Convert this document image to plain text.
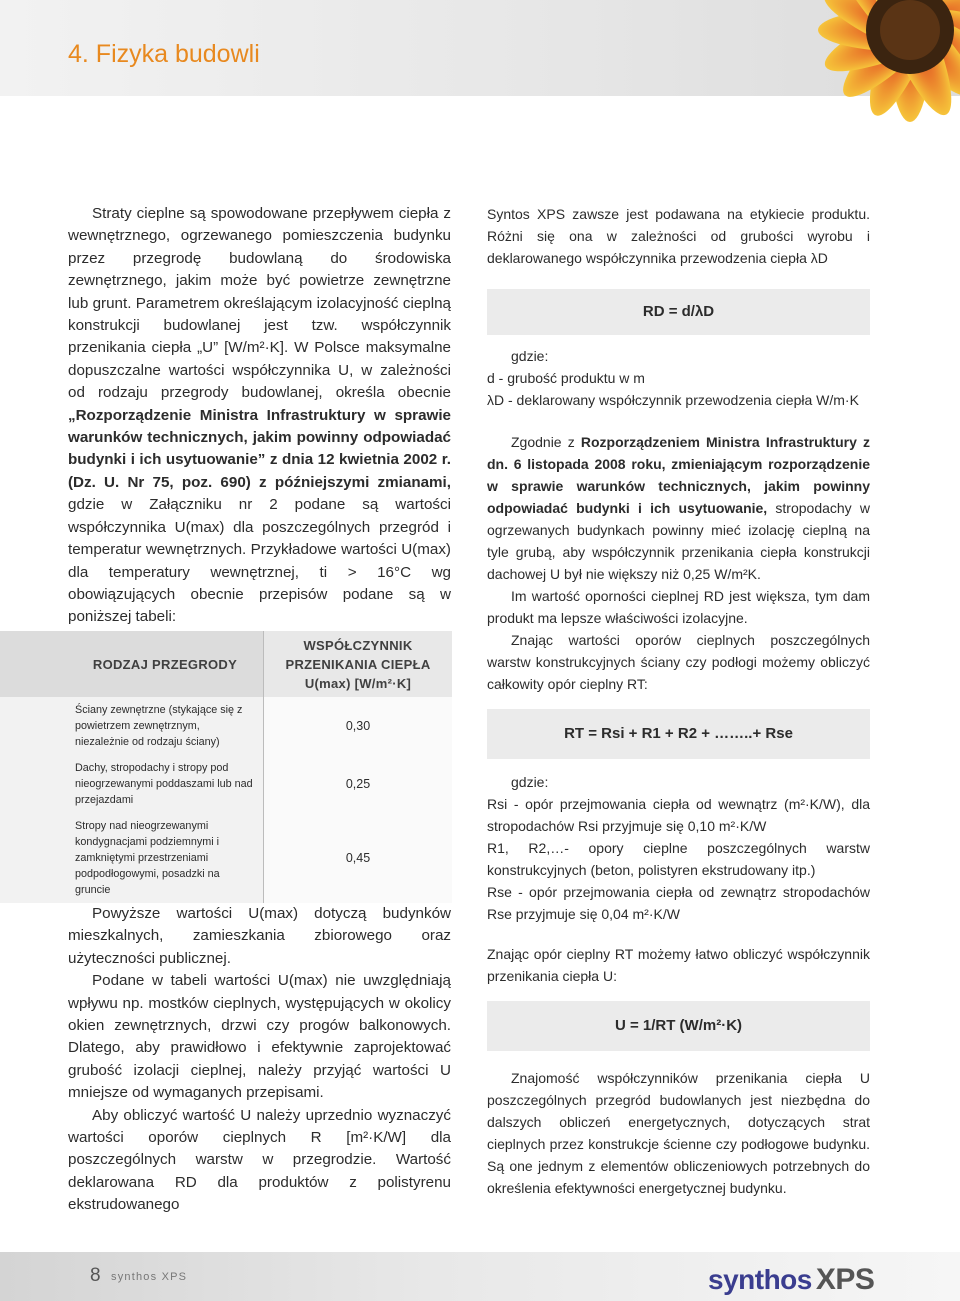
4. Fizyka budowli

Straty cieplne są spowodowane przepływem ciepła z wewnętrznego, ogrzewanego pomieszczenia budynku przez przegrodę budowlaną do środowiska zewnętrznego, jakim może być powietrze zewnętrzne lub grunt. Parametrem określającym izolacyjność cieplną konstrukcji budowlanej jest tzw. współczynnik przenikania ciepła „U” [W/m²·K]. W Polsce maksymalne dopuszczalne wartości współczynnika U, w zależności od rodzaju przegrody budowlanej, określa obecnie „Rozporządzenie Ministra Infrastruktury w sprawie warunków technicznych, jakim powinny odpowiadać budynki i ich usytuowanie” z dnia 12 kwietnia 2002 r. (Dz. U. Nr 75, poz. 690) z późniejszymi zmianami, gdzie w Załączniku nr 2 podane są wartości współczynnika U(max) dla poszczególnych przegród i temperatur wewnętrznych. Przykładowe wartości U(max) dla temperatury wewnętrznej, ti > 16°C wg obowiązujących obecnie przepisów podane są w poniższej tabeli:

RODZAJ PRZEGRODY	WSPÓŁCZYNNIK
PRZENIKANIA CIEPŁA
U(max) [W/m²·K]

Ściany zewnętrzne (stykające się z powietrzem zewnętrznym, niezależnie od rodzaju ściany)	0,30
Dachy, stropodachy i stropy pod nieogrzewanymi poddaszami lub nad przejazdami	0,25
Stropy nad nieogrzewanymi kondygnacjami podziemnymi i zamkniętymi przestrzeniami podpodłogowymi, posadzki na gruncie	0,45

Powyższe wartości U(max) dotyczą budynków mieszkalnych, zamieszkania zbiorowego oraz użyteczności publicznej.

Podane w tabeli wartości U(max) nie uwzględniają wpływu np. mostków cieplnych, występujących w okolicy okien zewnętrznych, drzwi czy progów balkonowych. Dlatego, aby prawidłowo i efektywnie zaprojektować grubość izolacji cieplnej, należy przyjąć wartości U mniejsze od wymaganych przepisami.

Aby obliczyć wartość U należy uprzednio wyznaczyć wartości oporów cieplnych R [m²·K/W] dla poszczególnych warstw w przegrodzie. Wartość deklarowana RD dla produktów z polistyrenu ekstrudowanego

Syntos XPS zawsze jest podawana na etykiecie produktu. Różni się ona w zależności od grubości wyrobu i deklarowanego współczynnika przewodzenia ciepła λD

RD = d/λD

gdzie:

d - grubość produktu w m

λD - deklarowany współczynnik przewodzenia ciepła W/m·K

Zgodnie z Rozporządzeniem Ministra Infrastruktury z dn. 6 listopada 2008 roku, zmieniającym rozporządzenie w sprawie warunków technicznych, jakim powinny odpowiadać budynki i ich usytuowanie, stropodachy w ogrzewanych budynkach powinny mieć izolację cieplną na tyle grubą, aby współczynnik przenikania ciepła konstrukcji dachowej U był nie większy niż 0,25 W/m²K.

Im wartość oporności cieplnej RD jest większa, tym dam produkt ma lepsze właściwości izolacyjne.

Znając wartości oporów cieplnych poszczególnych warstw konstrukcyjnych ściany czy podłogi możemy obliczyć całkowity opór cieplny RT:

RT = Rsi + R1 + R2 + ……..+ Rse

gdzie:

Rsi - opór przejmowania ciepła od wewnątrz (m²·K/W), dla stropodachów Rsi przyjmuje się 0,10 m²·K/W

R1, R2,…- opory cieplne poszczególnych warstw konstrukcyjnych (beton, polistyren ekstrudowany itp.)

Rse - opór przejmowania ciepła od zewnątrz stropodachów Rse przyjmuje się 0,04 m²·K/W

Znając opór cieplny RT możemy łatwo obliczyć współczynnik przenikania ciepła U:

U = 1/RT (W/m²·K)

Znajomość współczynników przenikania ciepła U poszczególnych przegród budowlanych jest niezbędna do dalszych obliczeń energetycznych, dotyczących strat cieplnych przez konstrukcje ścienne czy podłogowe budynku. Są one jednym z elementów obliczeniowych potrzebnych do określenia efektywności energetycznej budynku.

8 synthos XPS	synthos XPS
